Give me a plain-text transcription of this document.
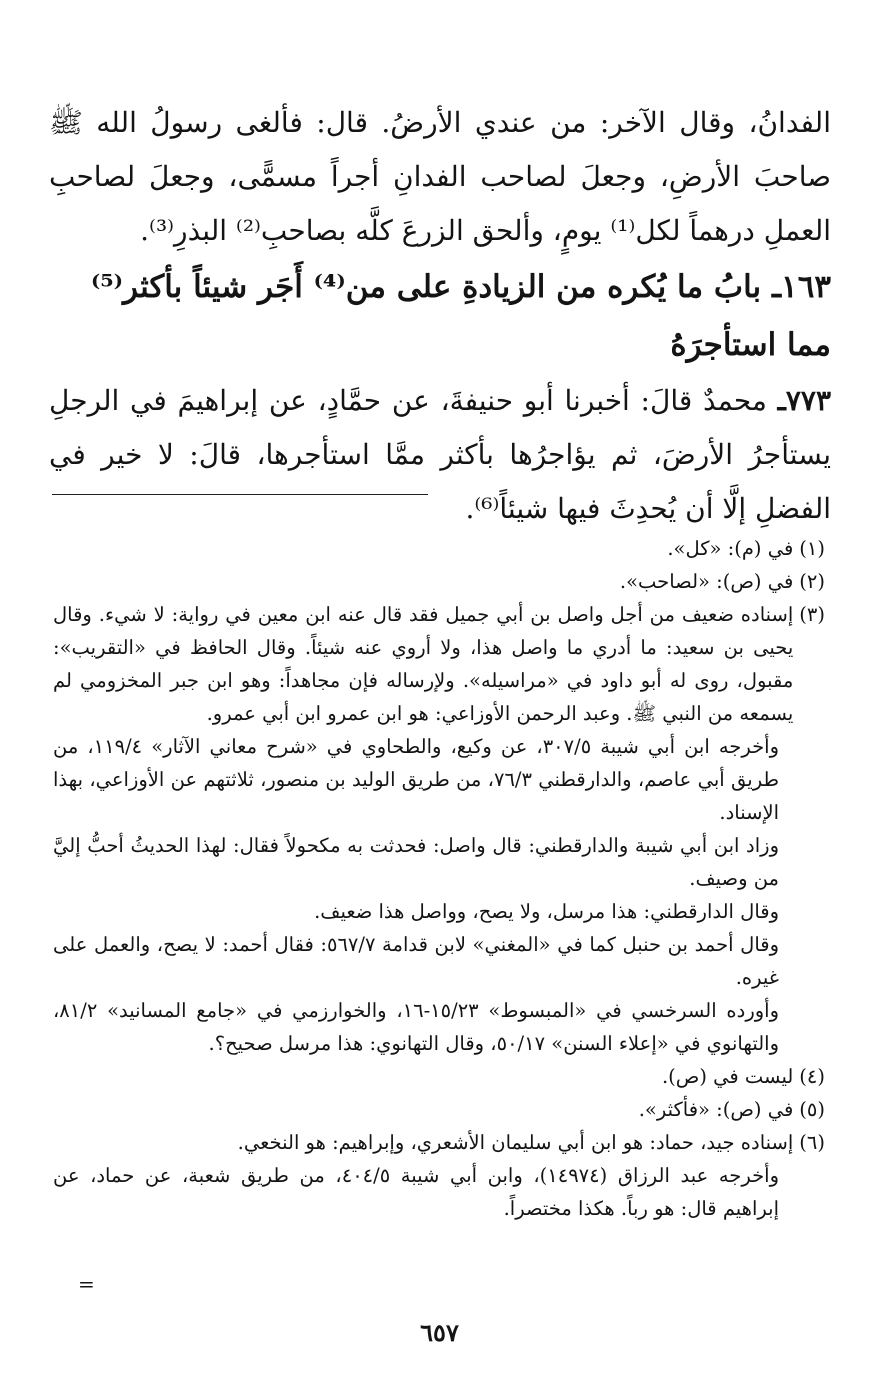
الفدانُ، وقال الآخر: من عندي الأرضُ. قال: فألغى رسولُ الله ﷺ صاحبَ الأرضِ، وجعلَ لصاحب الفدانِ أجراً مسمًّى، وجعلَ لصاحبِ العملِ درهماً لكل⁽¹⁾ يومٍ، وألحق الزرعَ كلَّه بصاحبِ⁽²⁾ البذرِ⁽³⁾.

١٦٣ـ بابُ ما يُكره من الزيادةِ على من⁽⁴⁾ أَجَر شيئاً بأكثر⁽⁵⁾مما استأجرَهُ

٧٧٣ـ محمدٌ قالَ: أخبرنا أبو حنيفةَ، عن حمَّادٍ، عن إبراهيمَ في الرجلِ يستأجرُ الأرضَ، ثم يؤاجرُها بأكثر ممَّا استأجرها، قالَ: لا خير في الفضلِ إلَّا أن يُحدِثَ فيها شيئاً⁽⁶⁾.

(١)
في (م): «كل».
(٢)
في (ص): «لصاحب».
(٣)
إسناده ضعيف من أجل واصل بن أبي جميل فقد قال عنه ابن معين في رواية: لا شيء. وقال يحيى بن سعيد: ما أدري ما واصل هذا، ولا أروي عنه شيئاً. وقال الحافظ في «التقريب»: مقبول، روى له أبو داود في «مراسيله». ولإرساله فإن مجاهداً: وهو ابن جبر المخزومي لم يسمعه من النبي ﷺ. وعبد الرحمن الأوزاعي: هو ابن عمرو ابن أبي عمرو.

وأخرجه ابن أبي شيبة ٣٠٧/٥، عن وكيع، والطحاوي في «شرح معاني الآثار» ١١٩/٤، من طريق أبي عاصم، والدارقطني ٧٦/٣، من طريق الوليد بن منصور، ثلاثتهم عن الأوزاعي، بهذا الإسناد.

وزاد ابن أبي شيبة والدارقطني: قال واصل: فحدثت به مكحولاً فقال: لهذا الحديثُ أحبُّ إليَّ من وصيف.

وقال الدارقطني: هذا مرسل، ولا يصح، وواصل هذا ضعيف.

وقال أحمد بن حنبل كما في «المغني» لابن قدامة ٥٦٧/٧: فقال أحمد: لا يصح، والعمل على غيره.

وأورده السرخسي في «المبسوط» ١٥/٢٣-١٦، والخوارزمي في «جامع المسانيد» ٨١/٢، والتهانوي في «إعلاء السنن» ٥٠/١٧، وقال التهانوي: هذا مرسل صحيح؟.

(٤)
ليست في (ص).
(٥)
في (ص): «فأكثر».
(٦)
إسناده جيد، حماد: هو ابن أبي سليمان الأشعري، وإبراهيم: هو النخعي.

وأخرجه عبد الرزاق (١٤٩٧٤)، وابن أبي شيبة ٤٠٤/٥، من طريق شعبة، عن حماد، عن إبراهيم قال: هو رباً. هكذا مختصراً.

=
٦٥٧
